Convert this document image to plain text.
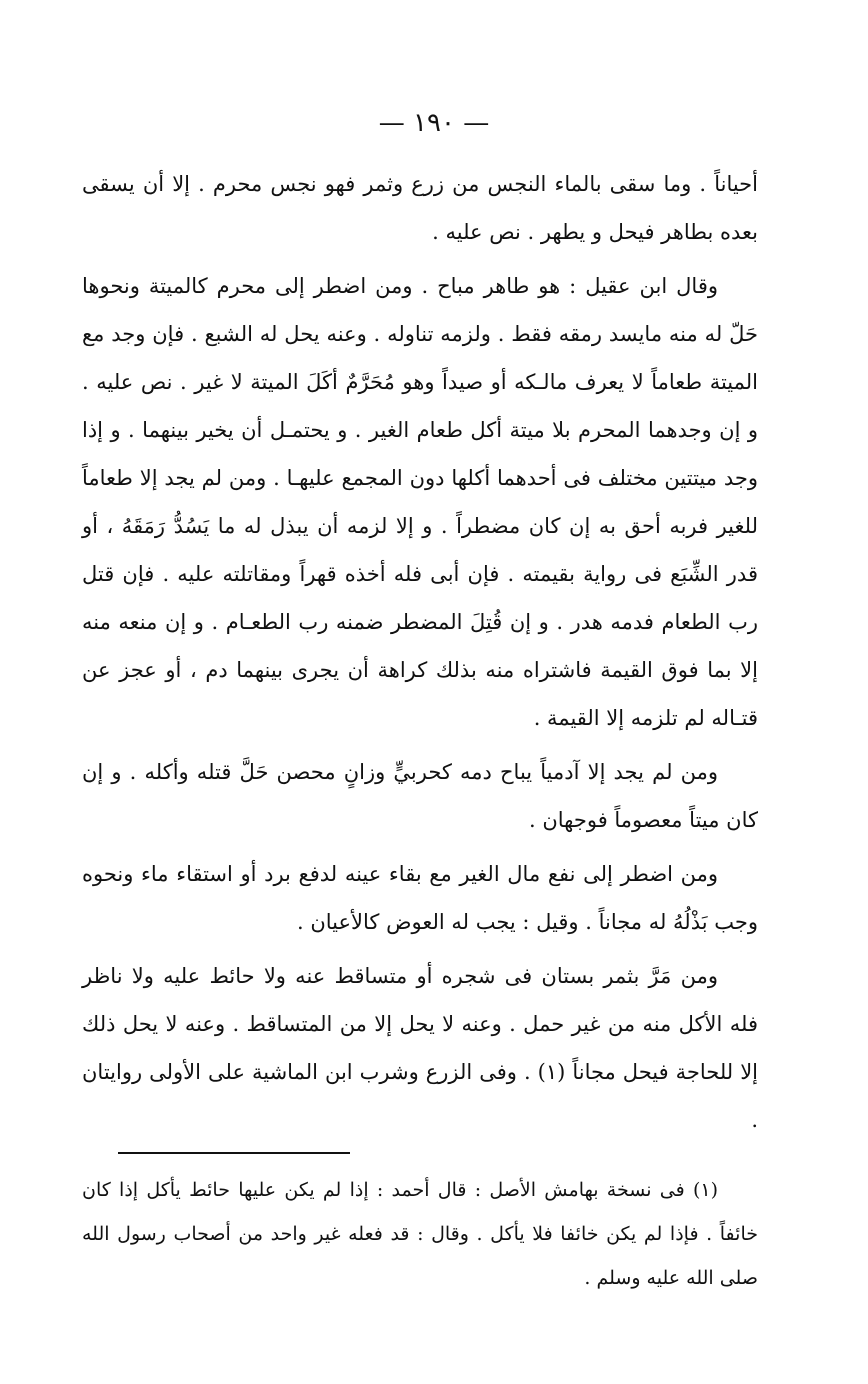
— ١٩٠ —

أحياناً . وما سقى بالماء النجس من زرع وثمر فهو نجس محرم . إلا أن يسقى بعده بطاهر فيحل و يطهر . نص عليه .

وقال ابن عقيل : هو طاهر مباح . ومن اضطر إلى محرم كالميتة ونحوها حَلّ له منه مايسد رمقه فقط . ولزمه تناوله . وعنه يحل له الشبع . فإن وجد مع الميتة طعاماً لا يعرف مالـكه أو صيداً وهو مُحَرَّمٌ أكَلَ الميتة لا غير . نص عليه . و إن وجدهما المحرم بلا ميتة أكل طعام الغير . و يحتمـل أن يخير بينهما . و إذا وجد ميتتين مختلف فى أحدهما أكلها دون المجمع عليهـا . ومن لم يجد إلا طعاماً للغير فربه أحق به إن كان مضطراً . و إلا لزمه أن يبذل له ما يَسُدُّ رَمَقَهُ ، أو قدر الشِّبَع فى رواية بقيمته . فإن أبى فله أخذه قهراً ومقاتلته عليه . فإن قتل رب الطعام فدمه هدر . و إن قُتِلَ المضطر ضمنه رب الطعـام . و إن منعه منه إلا بما فوق القيمة فاشتراه منه بذلك كراهة أن يجرى بينهما دم ، أو عجز عن قتـاله لم تلزمه إلا القيمة .

ومن لم يجد إلا آدمياً يباح دمه كحربيٍّ وزانٍ محصن حَلَّ قتله وأكله . و إن كان ميتاً معصوماً فوجهان .

ومن اضطر إلى نفع مال الغير مع بقاء عينه لدفع برد أو استقاء ماء ونحوه وجب بَذْلُهُ له مجاناً . وقيل : يجب له العوض كالأعيان .

ومن مَرَّ بثمر بستان فى شجره أو متساقط عنه ولا حائط عليه ولا ناظر فله الأكل منه من غير حمل . وعنه لا يحل إلا من المتساقط . وعنه لا يحل ذلك إلا للحاجة فيحل مجاناً (١) . وفى الزرع وشرب ابن الماشية على الأولى روايتان .

(١) فى نسخة بهامش الأصل : قال أحمد : إذا لم يكن عليها حائط يأكل إذا كان خائفاً . فإذا لم يكن خائفا فلا يأكل . وقال : قد فعله غير واحد من أصحاب رسول الله صلى الله عليه وسلم .
